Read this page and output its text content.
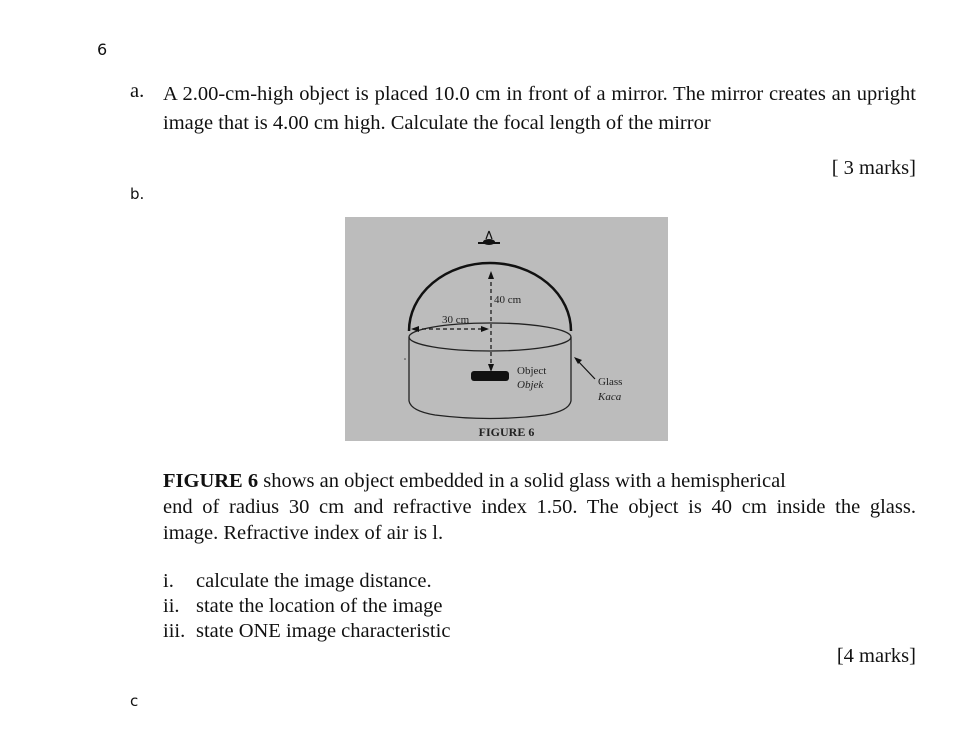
6
a. A 2.00-cm-high object is placed 10.0 cm in front of a mirror. The mirror creates an upright image that is 4.00 cm high. Calculate the focal length of the mirror
[ 3 marks]
b.
40 cm
30 cm
Object
Objek	Glass
Kaca
FIGURE 6
FIGURE 6 shows an object embedded in a solid glass with a hemispherical
end of radius 30 cm and refractive index 1.50. The object is 40 cm inside the glass.
image. Refractive index of air is l.
i.	calculate the image distance.
ii. state the location of the image
iii. state ONE image characteristic
[4 marks]
c
